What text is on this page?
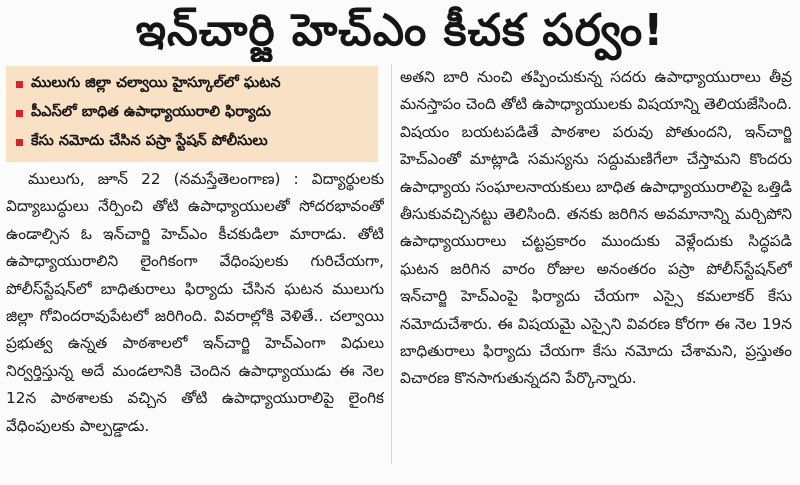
ఇన్‌చార్జి హెచ్‌ఎం కీచక పర్వం!
ములుగు జిల్లా చల్వాయి హైస్కూల్‌లో ఘటన
పీఎస్‌లో బాధిత ఉపాధ్యాయురాలి ఫిర్యాదు
కేసు నమోదు చేసిన పస్రా స్టేషన్ పోలీసులు

ములుగు, జూన్ 22 (నమస్తేతెలంగాణ) : విద్యార్థులకు విద్యాబుద్ధులు నేర్పించి తోటి ఉపాధ్యాయులతో సోదరభావంతో ఉండాల్సిన ఓ ఇన్‌చార్జి హెచ్‌ఎం కీచకుడిలా మారాడు. తోటి ఉపాధ్యాయురాలిని లైంగికంగా వేధింపులకు గురిచేయగా, పోలీస్‌స్టేషన్‌లో బాధితురాలు ఫిర్యాదు చేసిన ఘటన ములుగు జిల్లా గోవిందరావుపేటలో జరిగింది. వివరాల్లోకి వెళితే.. చల్వాయి ప్రభుత్వ ఉన్నత పాఠశాలలో ఇన్‌చార్జి హెచ్‌ఎంగా విధులు నిర్వర్తిస్తున్న అదే మండలానికి చెందిన ఉపాధ్యాయుడు ఈ నెల 12న పాఠశాలకు వచ్చిన తోటి ఉపాధ్యాయురాలిపై లైంగిక వేధింపులకు పాల్పడ్డాడు.

అతని బారి నుంచి తప్పించుకున్న సదరు ఉపాధ్యాయురాలు తీవ్ర మనస్తాపం చెంది తోటి ఉపాధ్యాయులకు విషయాన్ని తెలియజేసింది. విషయం బయటపడితే పాఠశాల పరువు పోతుందని, ఇన్‌చార్జి హెచ్‌ఎంతో మాట్లాడి సమస్యను సద్దుమణిగేలా చేస్తామని కొందరు ఉపాధ్యాయ సంఘాలనాయకులు బాధిత ఉపాధ్యాయురాలిపై ఒత్తిడి తీసుకువచ్చినట్టు తెలిసింది. తనకు జరిగిన అవమానాన్ని మర్చిపోని ఉపాధ్యాయురాలు చట్టప్రకారం ముందుకు వెళ్లేందుకు సిద్ధపడి ఘటన జరిగిన వారం రోజుల అనంతరం పస్రా పోలీస్‌స్టేషన్‌లో ఇన్‌చార్జి హెచ్‌ఎంపై ఫిర్యాదు చేయగా ఎస్సై కమలాకర్ కేసు నమోదుచేశారు. ఈ విషయమై ఎస్సైని వివరణ కోరగా ఈ నెల 19న బాధితురాలు ఫిర్యాదు చేయగా కేసు నమోదు చేశామని, ప్రస్తుతం విచారణ కొనసాగుతున్నదని పేర్కొన్నారు.
